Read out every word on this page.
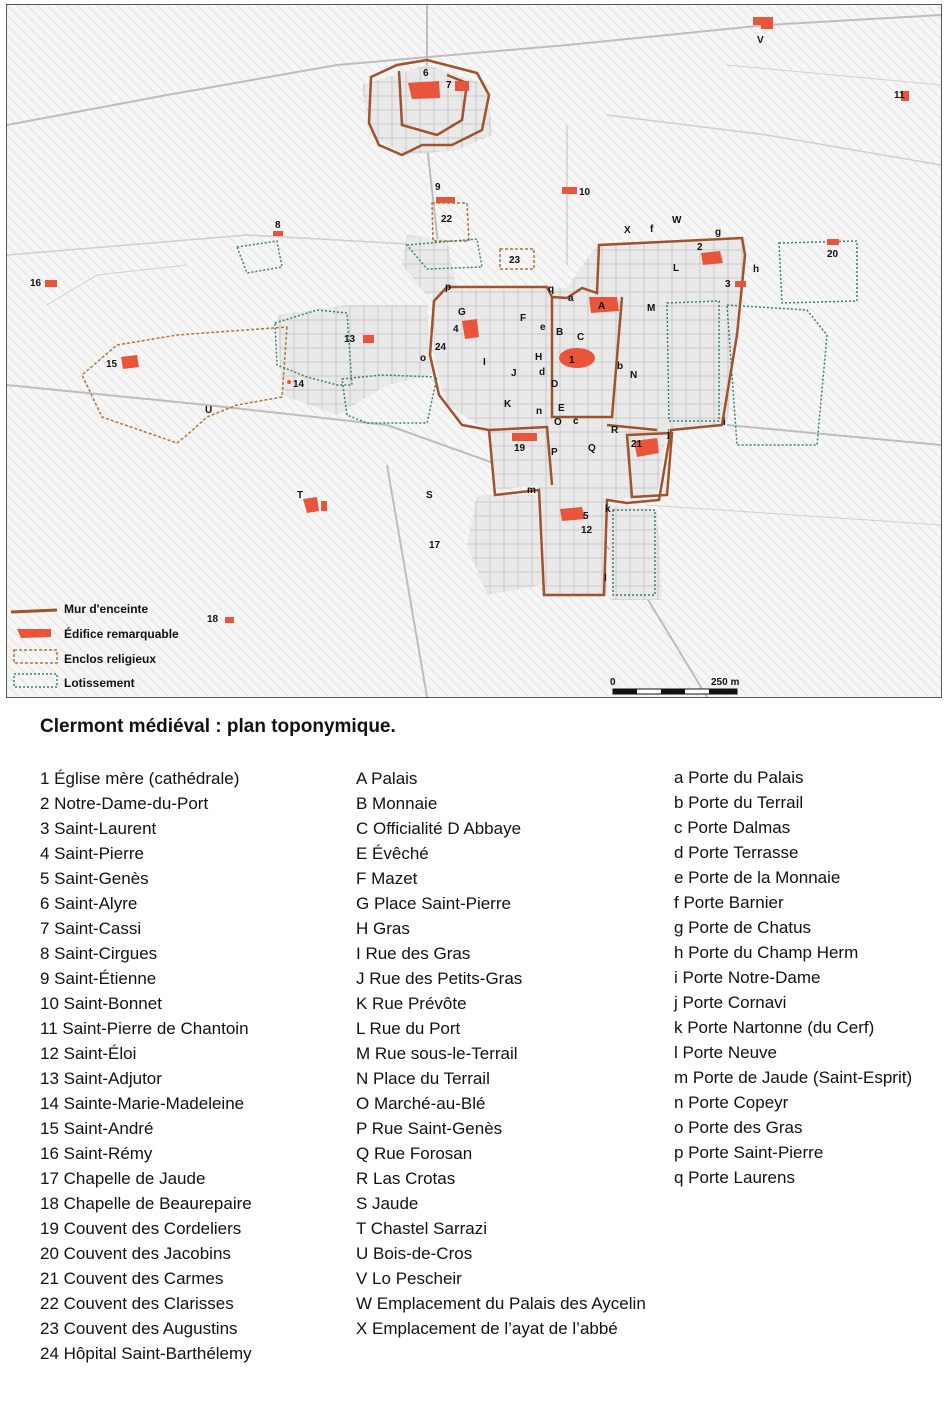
1
2
3
4
5
6
7
8
9	10
11
12
13
14
15
16
17
18
19
20
21
22
23
24
A
B C
D
E
F
G
H
I
J
K
L
M
N
O
P	Q
R
S
T
U
V
W
X
a
b
c
d
e
f	g
h
i
j
k
l
m
n
o
p	q
Mur d'enceinte
Édifice remarquable
Enclos religieux
Lotissement	0	250 m
Clermont médiéval : plan toponymique.
1 Église mère (cathédrale)
2 Notre-Dame-du-Port
3 Saint-Laurent
4 Saint-Pierre
5 Saint-Genès
6 Saint-Alyre
7 Saint-Cassi
8 Saint-Cirgues
9 Saint-Étienne
10 Saint-Bonnet
11 Saint-Pierre de Chantoin
12 Saint-Éloi
13 Saint-Adjutor
14 Sainte-Marie-Madeleine
15 Saint-André
16 Saint-Rémy
17 Chapelle de Jaude
18 Chapelle de Beaurepaire
19 Couvent des Cordeliers
20 Couvent des Jacobins
21 Couvent des Carmes
22 Couvent des Clarisses
23 Couvent des Augustins
24 Hôpital Saint-Barthélemy
A Palais
B Monnaie
C Officialité D Abbaye
E Évêché
F Mazet
G Place Saint-Pierre
H Gras
I Rue des Gras
J Rue des Petits-Gras
K Rue Prévôte
L Rue du Port
M Rue sous-le-Terrail
N Place du Terrail
O Marché-au-Blé
P Rue Saint-Genès
Q Rue Forosan
R Las Crotas
S Jaude
T Chastel Sarrazi
U Bois-de-Cros
V Lo Pescheir
W Emplacement du Palais des Aycelin
X Emplacement de l’ayat de l’abbé
a Porte du Palais
b Porte du Terrail
c Porte Dalmas
d Porte Terrasse
e Porte de la Monnaie
f Porte Barnier
g Porte de Chatus
h Porte du Champ Herm
i Porte Notre-Dame
j Porte Cornavi
k Porte Nartonne (du Cerf)
l Porte Neuve
m Porte de Jaude (Saint-Esprit)
n Porte Copeyr
o Porte des Gras
p Porte Saint-Pierre
q Porte Laurens
